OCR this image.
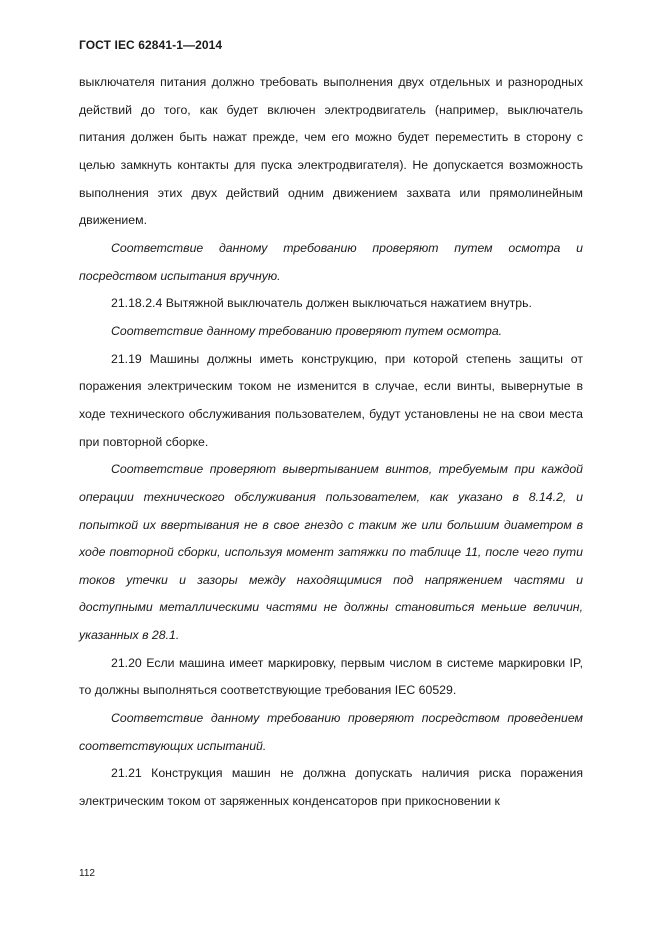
ГОСТ IEC 62841-1—2014

выключателя питания должно требовать выполнения двух отдельных и разнородных действий до того, как будет включен электродвигатель (например, выключатель питания должен быть нажат прежде, чем его можно будет переместить в сторону с целью замкнуть контакты для пуска электродвигателя). Не допускается возможность выполнения этих двух действий одним движением захвата или прямолинейным движением.

Соответствие данному требованию проверяют путем осмотра и посредством испытания вручную.

21.18.2.4 Вытяжной выключатель должен выключаться нажатием внутрь.

Соответствие данному требованию проверяют путем осмотра.

21.19 Машины должны иметь конструкцию, при которой степень защиты от поражения электрическим током не изменится в случае, если винты, вывернутые в ходе технического обслуживания пользователем, будут установлены не на свои места при повторной сборке.

Соответствие проверяют вывертыванием винтов, требуемым при каждой операции технического обслуживания пользователем, как указано в 8.14.2, и попыткой их ввертывания не в свое гнездо с таким же или большим диаметром в ходе повторной сборки, используя момент затяжки по таблице 11, после чего пути токов утечки и зазоры между находящимися под напряжением частями и доступными металлическими частями не должны становиться меньше величин, указанных в 28.1.

21.20 Если машина имеет маркировку, первым числом в системе маркировки IP, то должны выполняться соответствующие требования IEC 60529.

Соответствие данному требованию проверяют посредством проведением соответствующих испытаний.

21.21 Конструкция машин не должна допускать наличия риска поражения электрическим током от заряженных конденсаторов при прикосновении к

112
